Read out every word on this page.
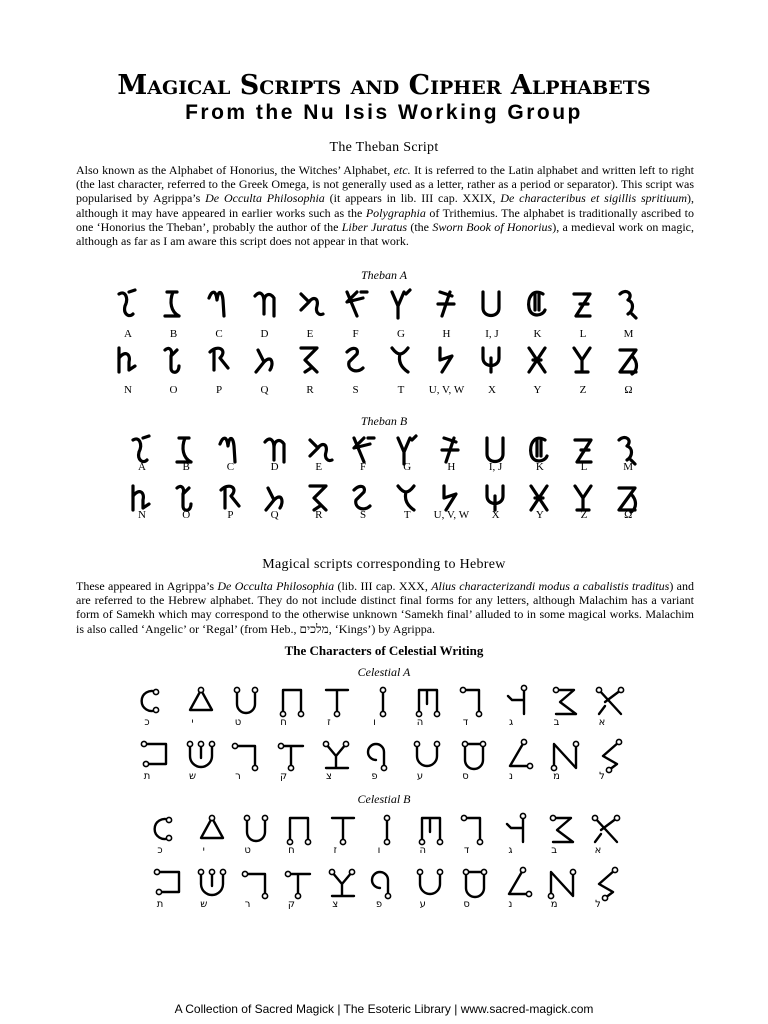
Magical Scripts and Cipher Alphabets
From the Nu Isis Working Group
The Theban Script
Also known as the Alphabet of Honorius, the Witches’ Alphabet, etc. It is referred to the Latin alphabet and written left to right (the last character, referred to the Greek Omega, is not generally used as a letter, rather as a period or separator). This script was popularised by Agrippa’s De Occulta Philosophia (it appears in lib. III cap. XXIX, De characteribus et sigillis spritiuum), although it may have appeared in earlier works such as the Polygraphia of Trithemius. The alphabet is traditionally ascribed to one ‘Honorius the Theban’, probably the author of the Liber Juratus (the Sworn Book of Honorius), a medieval work on magic, although as far as I am aware this script does not appear in that work.
Theban A
A	B	C	D	E	F	G	H	I, J	K	L	M
N	O	P	Q	R	S	T	U, V, W	X	Y	Z	Ω
Theban B
A	B	C	D	E	F	G	H	I, J	K	L	M
N	O	P	Q	R	S	T	U, V, W	X	Y	Z	Ω
Magical scripts corresponding to Hebrew
These appeared in Agrippa’s De Occulta Philosophia (lib. III cap. XXX, Alius characterizandi modus a cabalistis traditus) and are referred to the Hebrew alphabet. They do not include distinct final forms for any letters, although Malachim has a variant form of Samekh which may correspond to the otherwise unknown ‘Samekh final’ alluded to in some magical works. Malachim is also called ‘Angelic’ or ‘Regal’ (from Heb., מלכים, ‘Kings’) by Agrippa.
The Characters of Celestial Writing
Celestial A
כ	י	ט	ח	ז	ו	ה	ד	ג	ב	א
ת	ש	ר	ק	צ	פ	ע	ס	נ	מ	ל
Celestial B
כ	י	ט	ח	ז	ו	ה	ד	ג	ב	א
ת	ש	ר	ק	צ	פ	ע	ס	נ	מ	ל
A Collection of Sacred Magick | The Esoteric Library | www.sacred-magick.com
